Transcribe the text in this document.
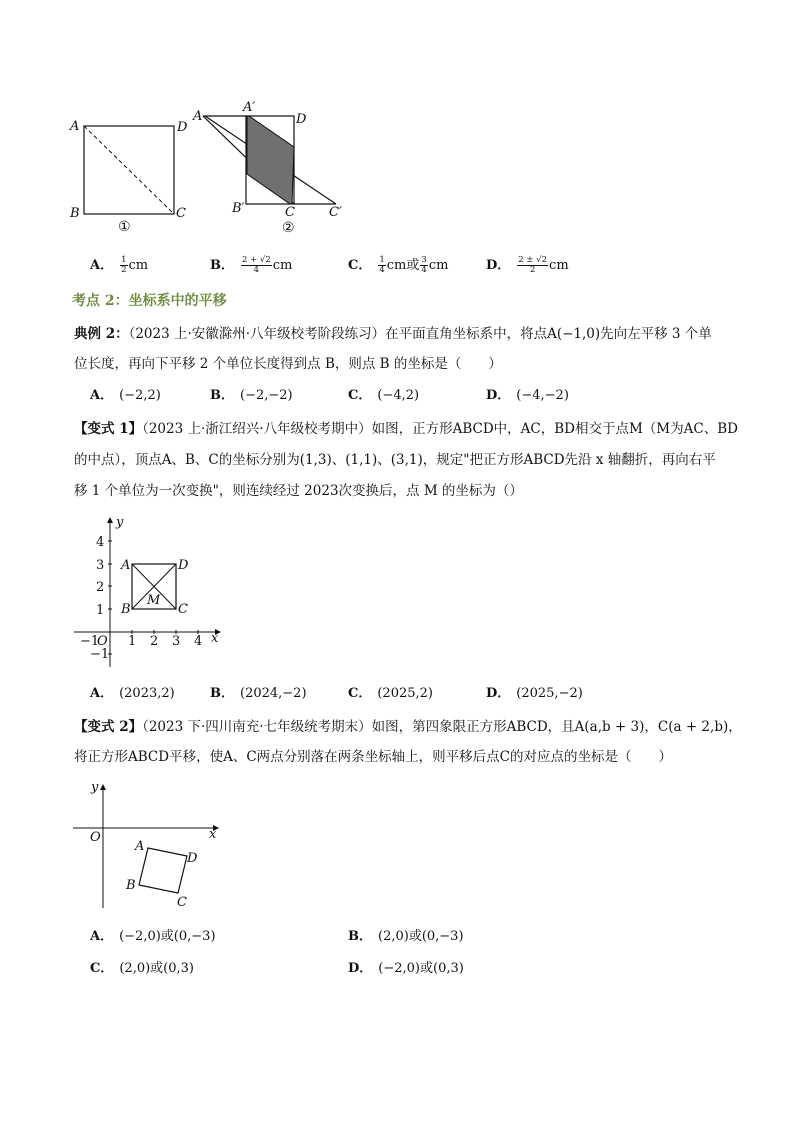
A	D
B	C
A
A′
D
B′	C	C′
①	②
A． $\frac{1}{2}$ cm	B． $\frac{2 + √2}{4}$ cm	C． $\frac{1}{4}$ cm或 $\frac{3}{4}$ cm	D． $\frac{2 \pm √2}{2}$ cm
考点 2：坐标系中的平移
典例 2：（2023 上·安徽滁州·八年级校考阶段练习）在平面直角坐标系中，将点A(−1,0)先向左平移 3 个单
位长度，再向下平移 2 个单位长度得到点 B，则点 B 的坐标是（　　）
A． (−2,2)	B． (−2,−2)	C． (−4,2)	D． (−4,−2)
【变式 1】（2023 上·浙江绍兴·八年级校考期中）如图，正方形ABCD中，AC，BD相交于点M（M为AC、BD
的中点），顶点A、B、C的坐标分别为(1,3)、(1,1)、(3,1)，规定"把正方形ABCD先沿 x 轴翻折，再向右平
移 1 个单位为一次变换"，则连续经过 2023次变换后，点 M 的坐标为（）
y
x
4
3
2
1
−1
−1
O 1 2 3 4
A
B	C
D
M
A． (2023,2)	B． (2024,−2)	C． (2025,2)	D． (2025,−2)
【变式 2】（2023 下·四川南充·七年级统考期末）如图，第四象限正方形ABCD，且A(a,b + 3)，C(a + 2,b)，
将正方形ABCD平移，使A、C两点分别落在两条坐标轴上，则平移后点C的对应点的坐标是（　　）
y
x
O
A
D
B
C
A． (−2,0)或(0,−3)	B． (2,0)或(0,−3)
C． (2,0)或(0,3)	D． (−2,0)或(0,3)
